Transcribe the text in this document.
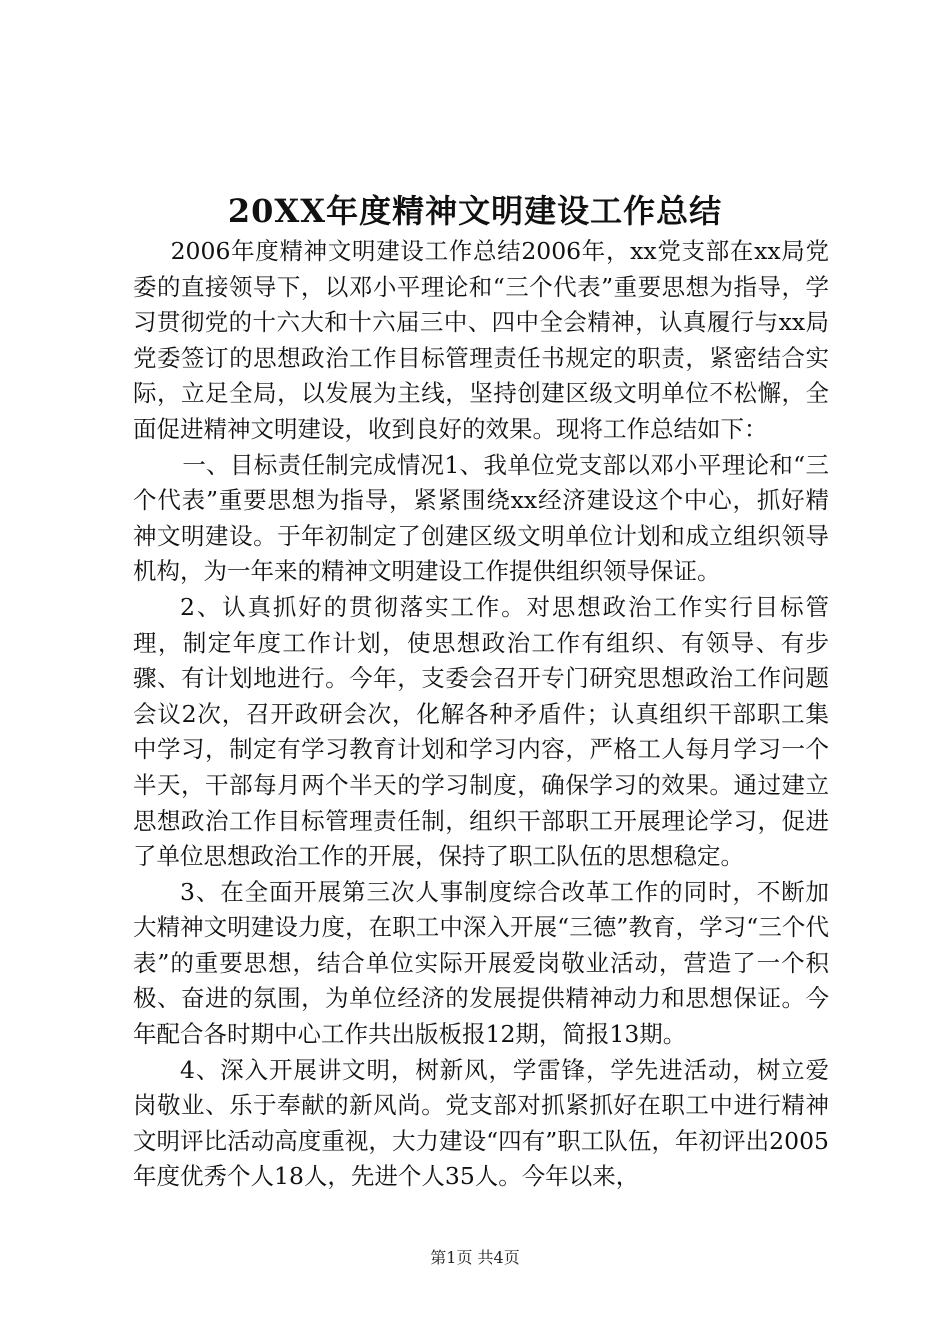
20XX年度精神文明建设工作总结

2006年度精神文明建设工作总结2006年，xx党支部在xx局党委的直接领导下，以邓小平理论和“三个代表”重要思想为指导，学习贯彻党的十六大和十六届三中、四中全会精神，认真履行与xx局党委签订的思想政治工作目标管理责任书规定的职责，紧密结合实际，立足全局，以发展为主线，坚持创建区级文明单位不松懈，全面促进精神文明建设，收到良好的效果。现将工作总结如下：

一、目标责任制完成情况1、我单位党支部以邓小平理论和“三个代表”重要思想为指导，紧紧围绕xx经济建设这个中心，抓好精神文明建设。于年初制定了创建区级文明单位计划和成立组织领导机构，为一年来的精神文明建设工作提供组织领导保证。

2、认真抓好的贯彻落实工作。对思想政治工作实行目标管理，制定年度工作计划，使思想政治工作有组织、有领导、有步骤、有计划地进行。今年，支委会召开专门研究思想政治工作问题会议2次，召开政研会次，化解各种矛盾件；认真组织干部职工集中学习，制定有学习教育计划和学习内容，严格工人每月学习一个半天，干部每月两个半天的学习制度，确保学习的效果。通过建立思想政治工作目标管理责任制，组织干部职工开展理论学习，促进了单位思想政治工作的开展，保持了职工队伍的思想稳定。

3、在全面开展第三次人事制度综合改革工作的同时，不断加大精神文明建设力度，在职工中深入开展“三德”教育，学习“三个代表”的重要思想，结合单位实际开展爱岗敬业活动，营造了一个积极、奋进的氛围，为单位经济的发展提供精神动力和思想保证。今年配合各时期中心工作共出版板报12期，简报13期。

4、深入开展讲文明，树新风，学雷锋，学先进活动，树立爱岗敬业、乐于奉献的新风尚。党支部对抓紧抓好在职工中进行精神文明评比活动高度重视，大力建设“四有”职工队伍，年初评出2005年度优秀个人18人，先进个人35人。今年以来，

第1页 共4页
